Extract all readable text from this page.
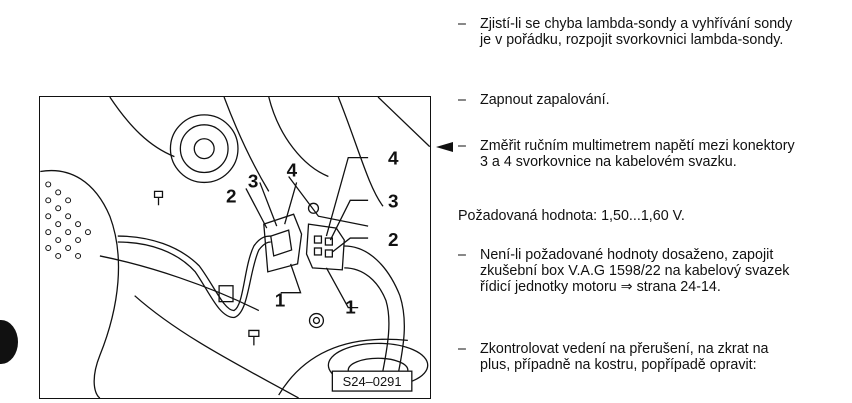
2
3
4
1
4
3
2
1
S24–0291
– Zjistí-li se chyba lambda-sondy a vyhřívání sondy je v pořádku, rozpojit svorkovnici lambda-sondy.
– Zapnout zapalování.
– Změřit ručním multimetrem napětí mezi konektory 3 a 4 svorkovnice na kabelovém svazku.
Požadovaná hodnota: 1,50...1,60 V.
– Není-li požadované hodnoty dosaženo, zapojit zkušební box V.A.G 1598/22 na kabelový svazek řídicí jednotky motoru ⇒ strana 24-14.
– Zkontrolovat vedení na přerušení, na zkrat na plus, případně na kostru, popřípadě opravit:
